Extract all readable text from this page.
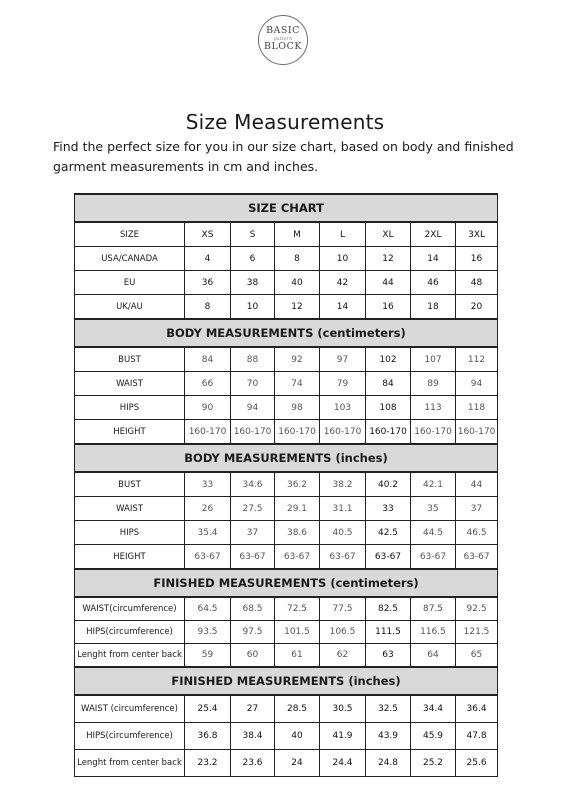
BASIC
pattern
BLOCK
Size Measurements
Find the perfect size for you in our size chart, based on body and finished garment measurements in cm and inches.
SIZE CHART							
SIZE	XS	S	M	L	XL	2XL	3XL
USA/CANADA	4	6	8	10	12	14	16
EU	36	38	40	42	44	46	48
UK/AU	8	10	12	14	16	18	20
BODY MEASUREMENTS (centimeters)							
BUST	84	88	92	97	102	107	112
WAIST	66	70	74	79	84	89	94
HIPS	90	94	98	103	108	113	118
HEIGHT	160-170	160-170	160-170	160-170	160-170	160-170	160-170
BODY MEASUREMENTS (inches)							
BUST	33	34.6	36.2	38.2	40.2	42.1	44
WAIST	26	27.5	29.1	31.1	33	35	37
HIPS	35.4	37	38.6	40.5	42.5	44.5	46.5
HEIGHT	63-67	63-67	63-67	63-67	63-67	63-67	63-67
FINISHED MEASUREMENTS (centimeters)							
WAIST(circumference)	64.5	68.5	72.5	77.5	82.5	87.5	92.5
HIPS(circumference)	93.5	97.5	101.5	106.5	111.5	116.5	121.5
Lenght from center back	59	60	61	62	63	64	65
FINISHED MEASUREMENTS (inches)							
WAIST (circumference)	25.4	27	28.5	30.5	32.5	34.4	36.4
HIPS(circumference)	36.8	38.4	40	41.9	43.9	45.9	47.8
Lenght from center back	23.2	23.6	24	24.4	24.8	25.2	25.6
